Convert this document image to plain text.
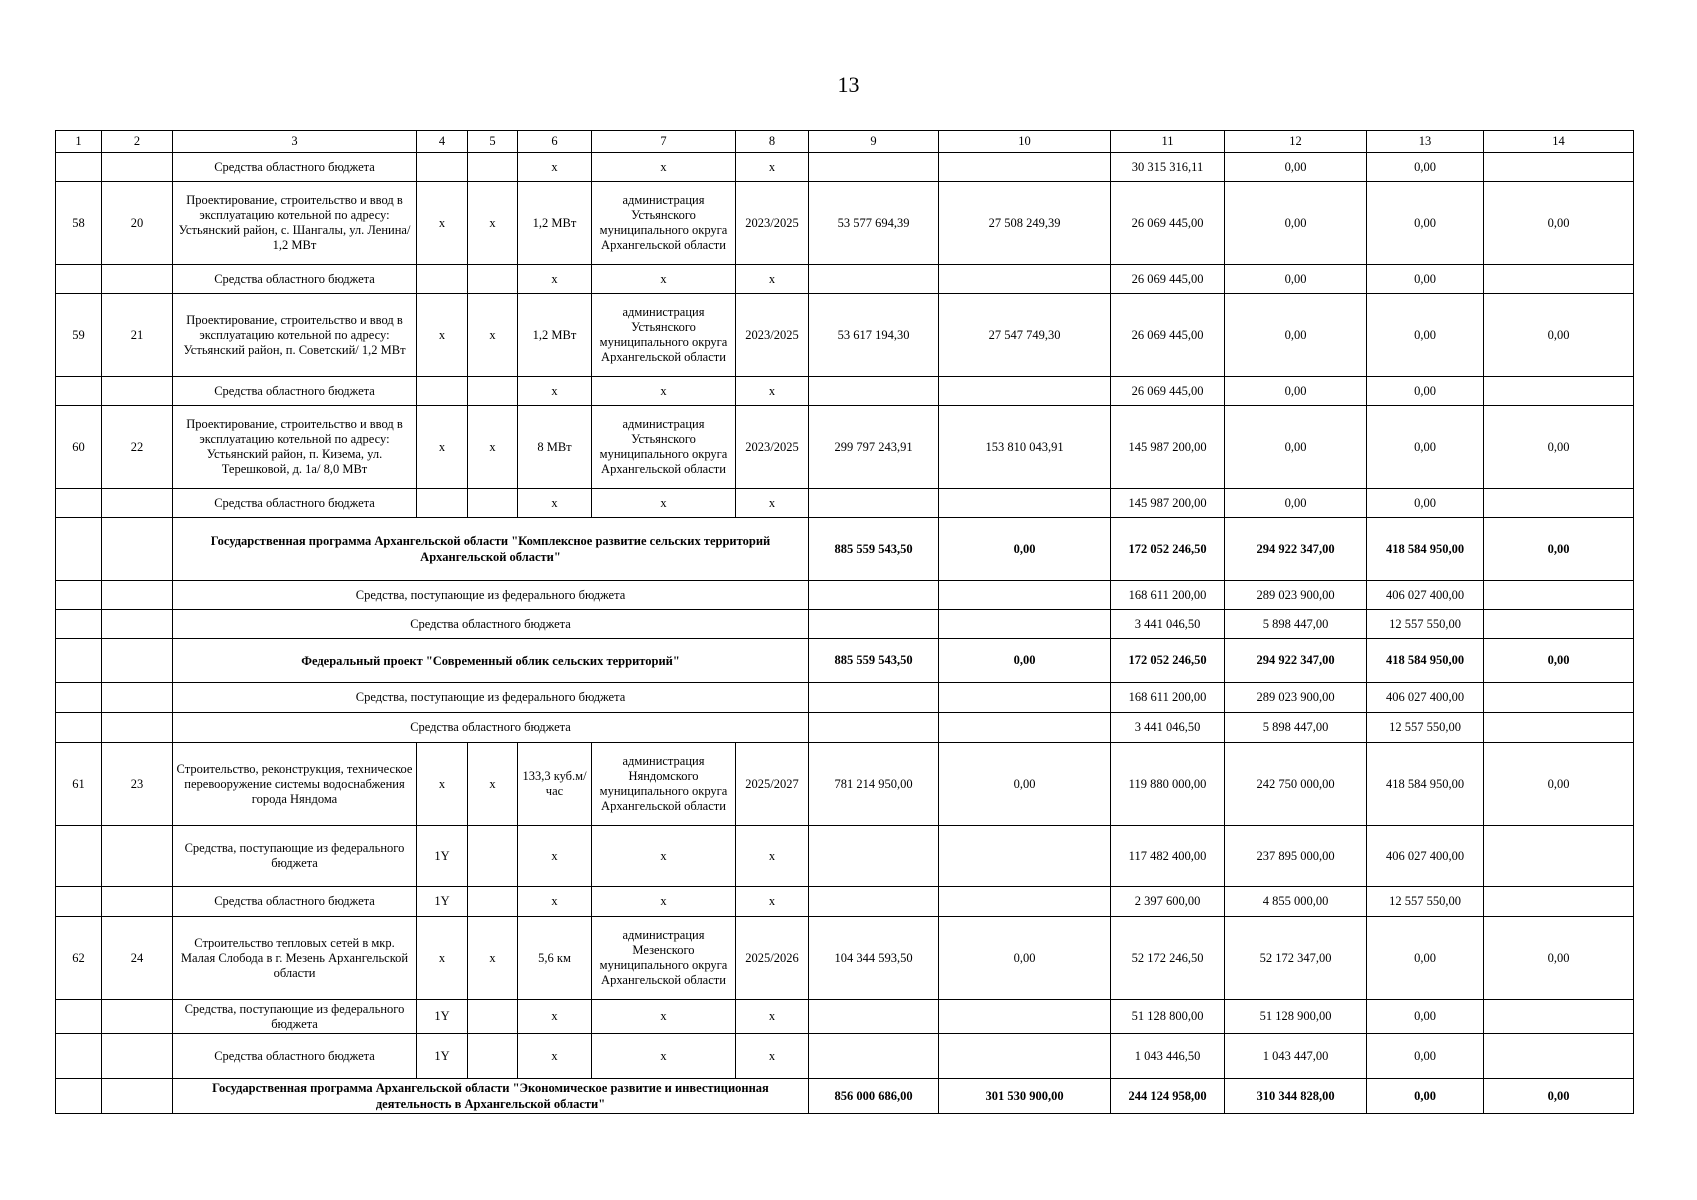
13
1	2	3	4	5	6	7	8	9	10	11	12	13	14
		Средства областного бюджета			х	х	х			30 315 316,11	0,00	0,00	
58	20	Проектирование, строительство и ввод в эксплуатацию котельной по адресу: Устьянский район, с. Шангалы, ул. Ленина/ 1,2 МВт	х	х	1,2 МВт	администрация Устьянского муниципального округа Архангельской области	2023/2025	53 577 694,39	27 508 249,39	26 069 445,00	0,00	0,00	0,00
		Средства областного бюджета			х	х	х			26 069 445,00	0,00	0,00	
59	21	Проектирование, строительство и ввод в эксплуатацию котельной по адресу: Устьянский район, п. Советский/ 1,2 МВт	х	х	1,2 МВт	администрация Устьянского муниципального округа Архангельской области	2023/2025	53 617 194,30	27 547 749,30	26 069 445,00	0,00	0,00	0,00
		Средства областного бюджета			х	х	х			26 069 445,00	0,00	0,00	
60	22	Проектирование, строительство и ввод в эксплуатацию котельной по адресу: Устьянский район, п. Кизема, ул. Терешковой, д. 1а/ 8,0 МВт	х	х	8 МВт	администрация Устьянского муниципального округа Архангельской области	2023/2025	299 797 243,91	153 810 043,91	145 987 200,00	0,00	0,00	0,00
		Средства областного бюджета			х	х	х			145 987 200,00	0,00	0,00	
		Государственная программа Архангельской области "Комплексное развитие сельских территорий Архангельской области"						885 559 543,50	0,00	172 052 246,50	294 922 347,00	418 584 950,00	0,00
		Средства, поступающие из федерального бюджета								168 611 200,00	289 023 900,00	406 027 400,00	
		Средства областного бюджета								3 441 046,50	5 898 447,00	12 557 550,00	
		Федеральный проект "Современный облик сельских территорий"						885 559 543,50	0,00	172 052 246,50	294 922 347,00	418 584 950,00	0,00
		Средства, поступающие из федерального бюджета								168 611 200,00	289 023 900,00	406 027 400,00	
		Средства областного бюджета								3 441 046,50	5 898 447,00	12 557 550,00	
61	23	Строительство, реконструкция, техническое перевооружение системы водоснабжения города Няндома	х	х	133,3 куб.м/час	администрация Няндомского муниципального округа Архангельской области	2025/2027	781 214 950,00	0,00	119 880 000,00	242 750 000,00	418 584 950,00	0,00
		Средства, поступающие из федерального бюджета	1Y		х	х	х			117 482 400,00	237 895 000,00	406 027 400,00	
		Средства областного бюджета	1Y		х	х	х			2 397 600,00	4 855 000,00	12 557 550,00	
62	24	Строительство тепловых сетей в мкр. Малая Слобода в г. Мезень Архангельской области	х	х	5,6 км	администрация Мезенского муниципального округа Архангельской области	2025/2026	104 344 593,50	0,00	52 172 246,50	52 172 347,00	0,00	0,00
		Средства, поступающие из федерального бюджета	1Y		х	х	х			51 128 800,00	51 128 900,00	0,00	
		Средства областного бюджета	1Y		х	х	х			1 043 446,50	1 043 447,00	0,00	
		Государственная программа Архангельской области "Экономическое развитие и инвестиционная деятельность в Архангельской области"						856 000 686,00	301 530 900,00	244 124 958,00	310 344 828,00	0,00	0,00
